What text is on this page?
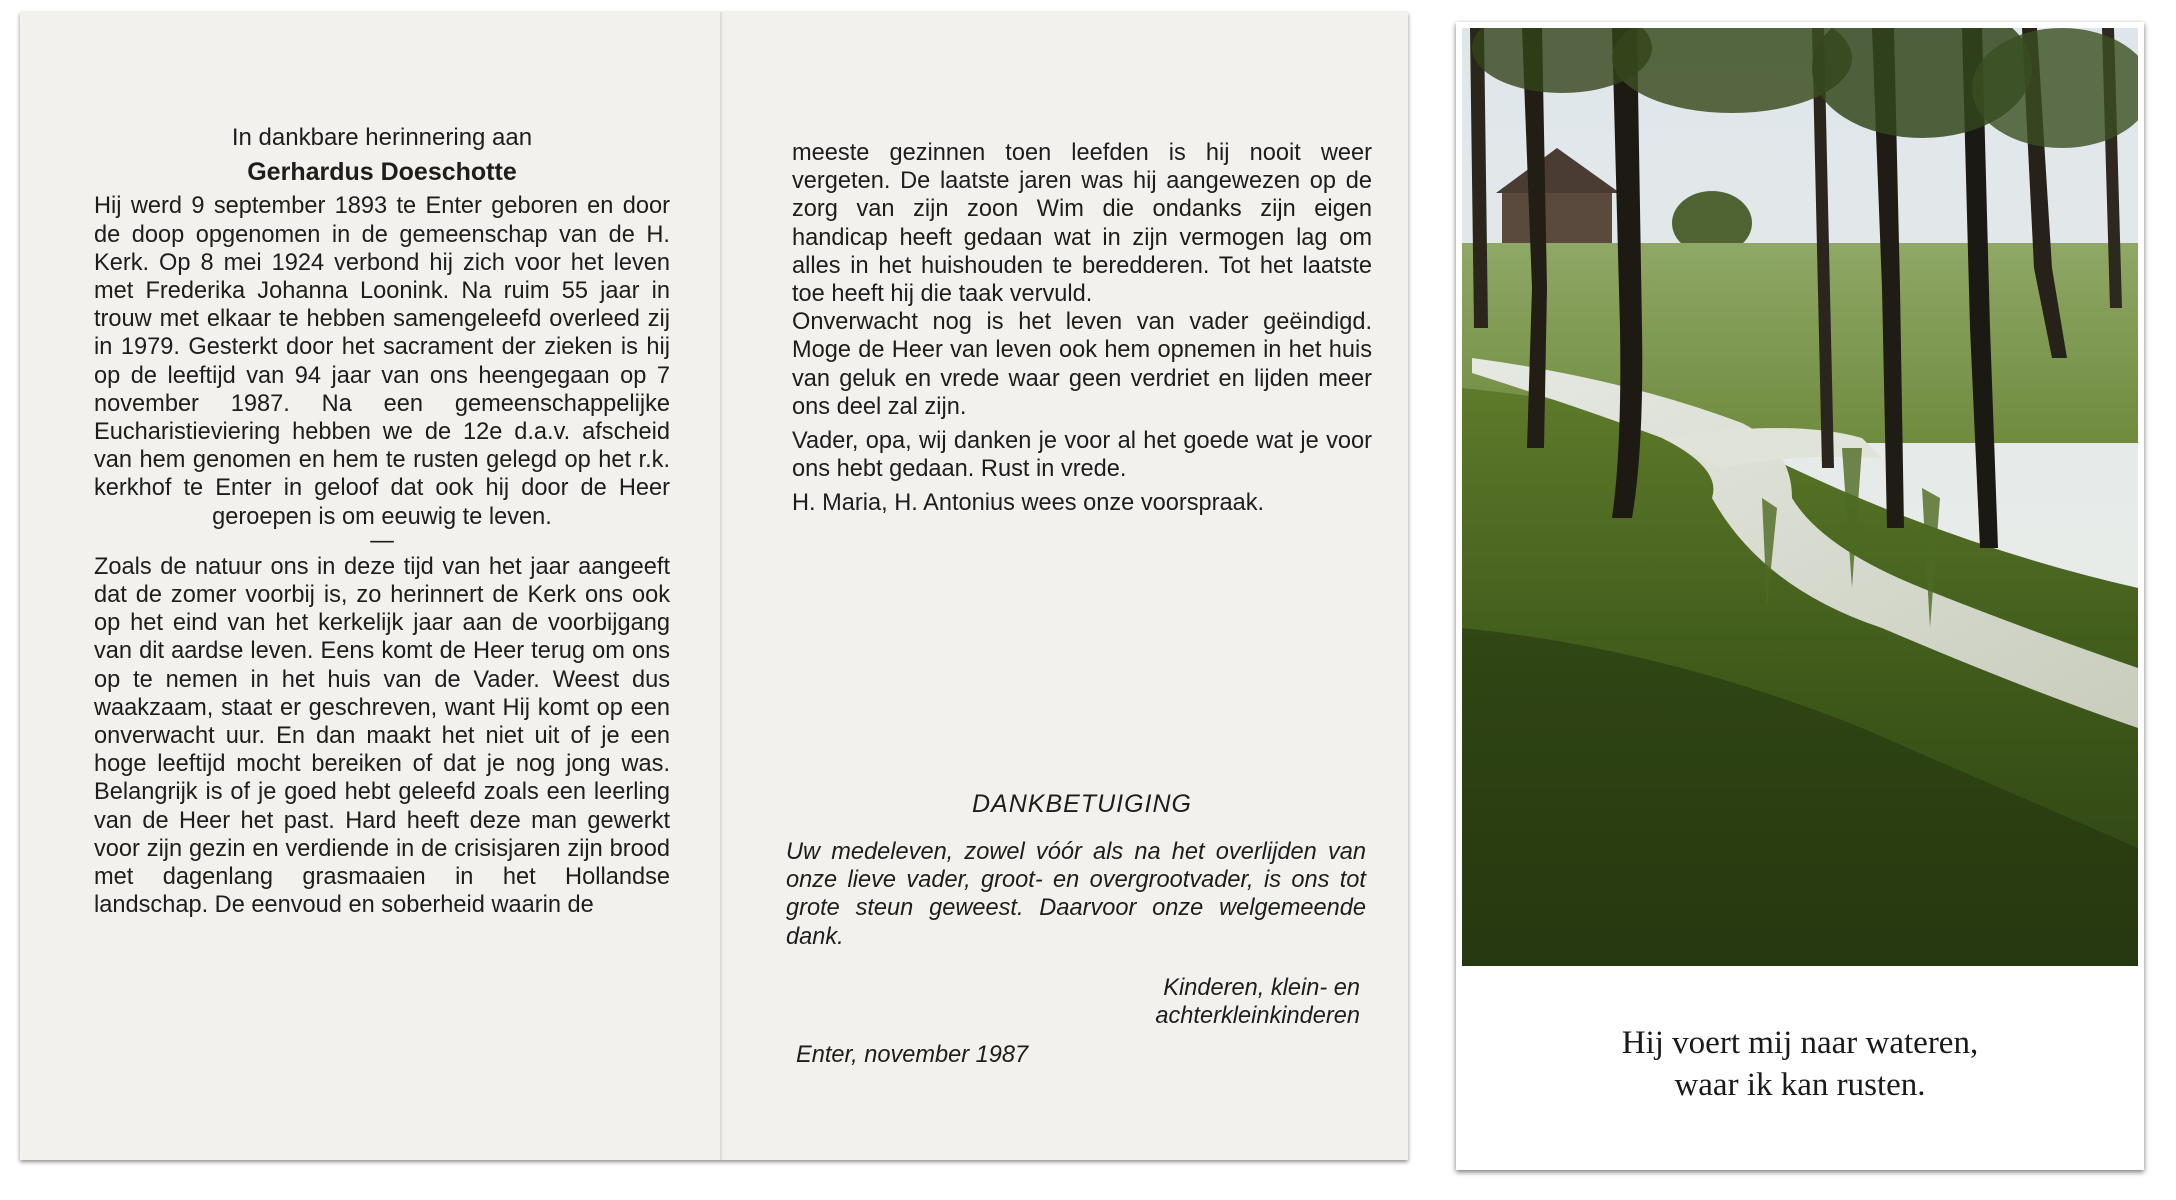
In dankbare herinnering aan
Gerhardus Doeschotte
Hij werd 9 september 1893 te Enter geboren en door de doop opgenomen in de gemeenschap van de H. Kerk. Op 8 mei 1924 verbond hij zich voor het leven met Frederika Johanna Loonink. Na ruim 55 jaar in trouw met elkaar te hebben samengeleefd overleed zij in 1979. Gesterkt door het sacrament der zieken is hij op de leeftijd van 94 jaar van ons heengegaan op 7 november 1987. Na een gemeenschappelijke Eucharistieviering hebben we de 12e d.a.v. afscheid van hem genomen en hem te rusten gelegd op het r.k. kerkhof te Enter in geloof dat ook hij door de Heer geroepen is om eeuwig te leven.
—
Zoals de natuur ons in deze tijd van het jaar aangeeft dat de zomer voorbij is, zo herinnert de Kerk ons ook op het eind van het kerkelijk jaar aan de voorbijgang van dit aardse leven. Eens komt de Heer terug om ons op te nemen in het huis van de Vader. Weest dus waakzaam, staat er geschreven, want Hij komt op een onverwacht uur. En dan maakt het niet uit of je een hoge leeftijd mocht bereiken of dat je nog jong was. Belangrijk is of je goed hebt geleefd zoals een leerling van de Heer het past. Hard heeft deze man gewerkt voor zijn gezin en verdiende in de crisisjaren zijn brood met dagenlang grasmaaien in het Hollandse landschap. De eenvoud en soberheid waarin de
meeste gezinnen toen leefden is hij nooit weer vergeten. De laatste jaren was hij aangewezen op de zorg van zijn zoon Wim die ondanks zijn eigen handicap heeft gedaan wat in zijn vermogen lag om alles in het huishouden te beredderen. Tot het laatste toe heeft hij die taak vervuld.
Onverwacht nog is het leven van vader geëindigd. Moge de Heer van leven ook hem opnemen in het huis van geluk en vrede waar geen verdriet en lijden meer ons deel zal zijn.
Vader, opa, wij danken je voor al het goede wat je voor ons hebt gedaan. Rust in vrede.
H. Maria, H. Antonius wees onze voorspraak.
DANKBETUIGING
Uw medeleven, zowel vóór als na het overlijden van onze lieve vader, groot- en overgrootvader, is ons tot grote steun geweest. Daarvoor onze welgemeende dank.
Kinderen, klein- en
achterkleinkinderen
Enter, november 1987	Hij voert mij naar wateren,
waar ik kan rusten.
